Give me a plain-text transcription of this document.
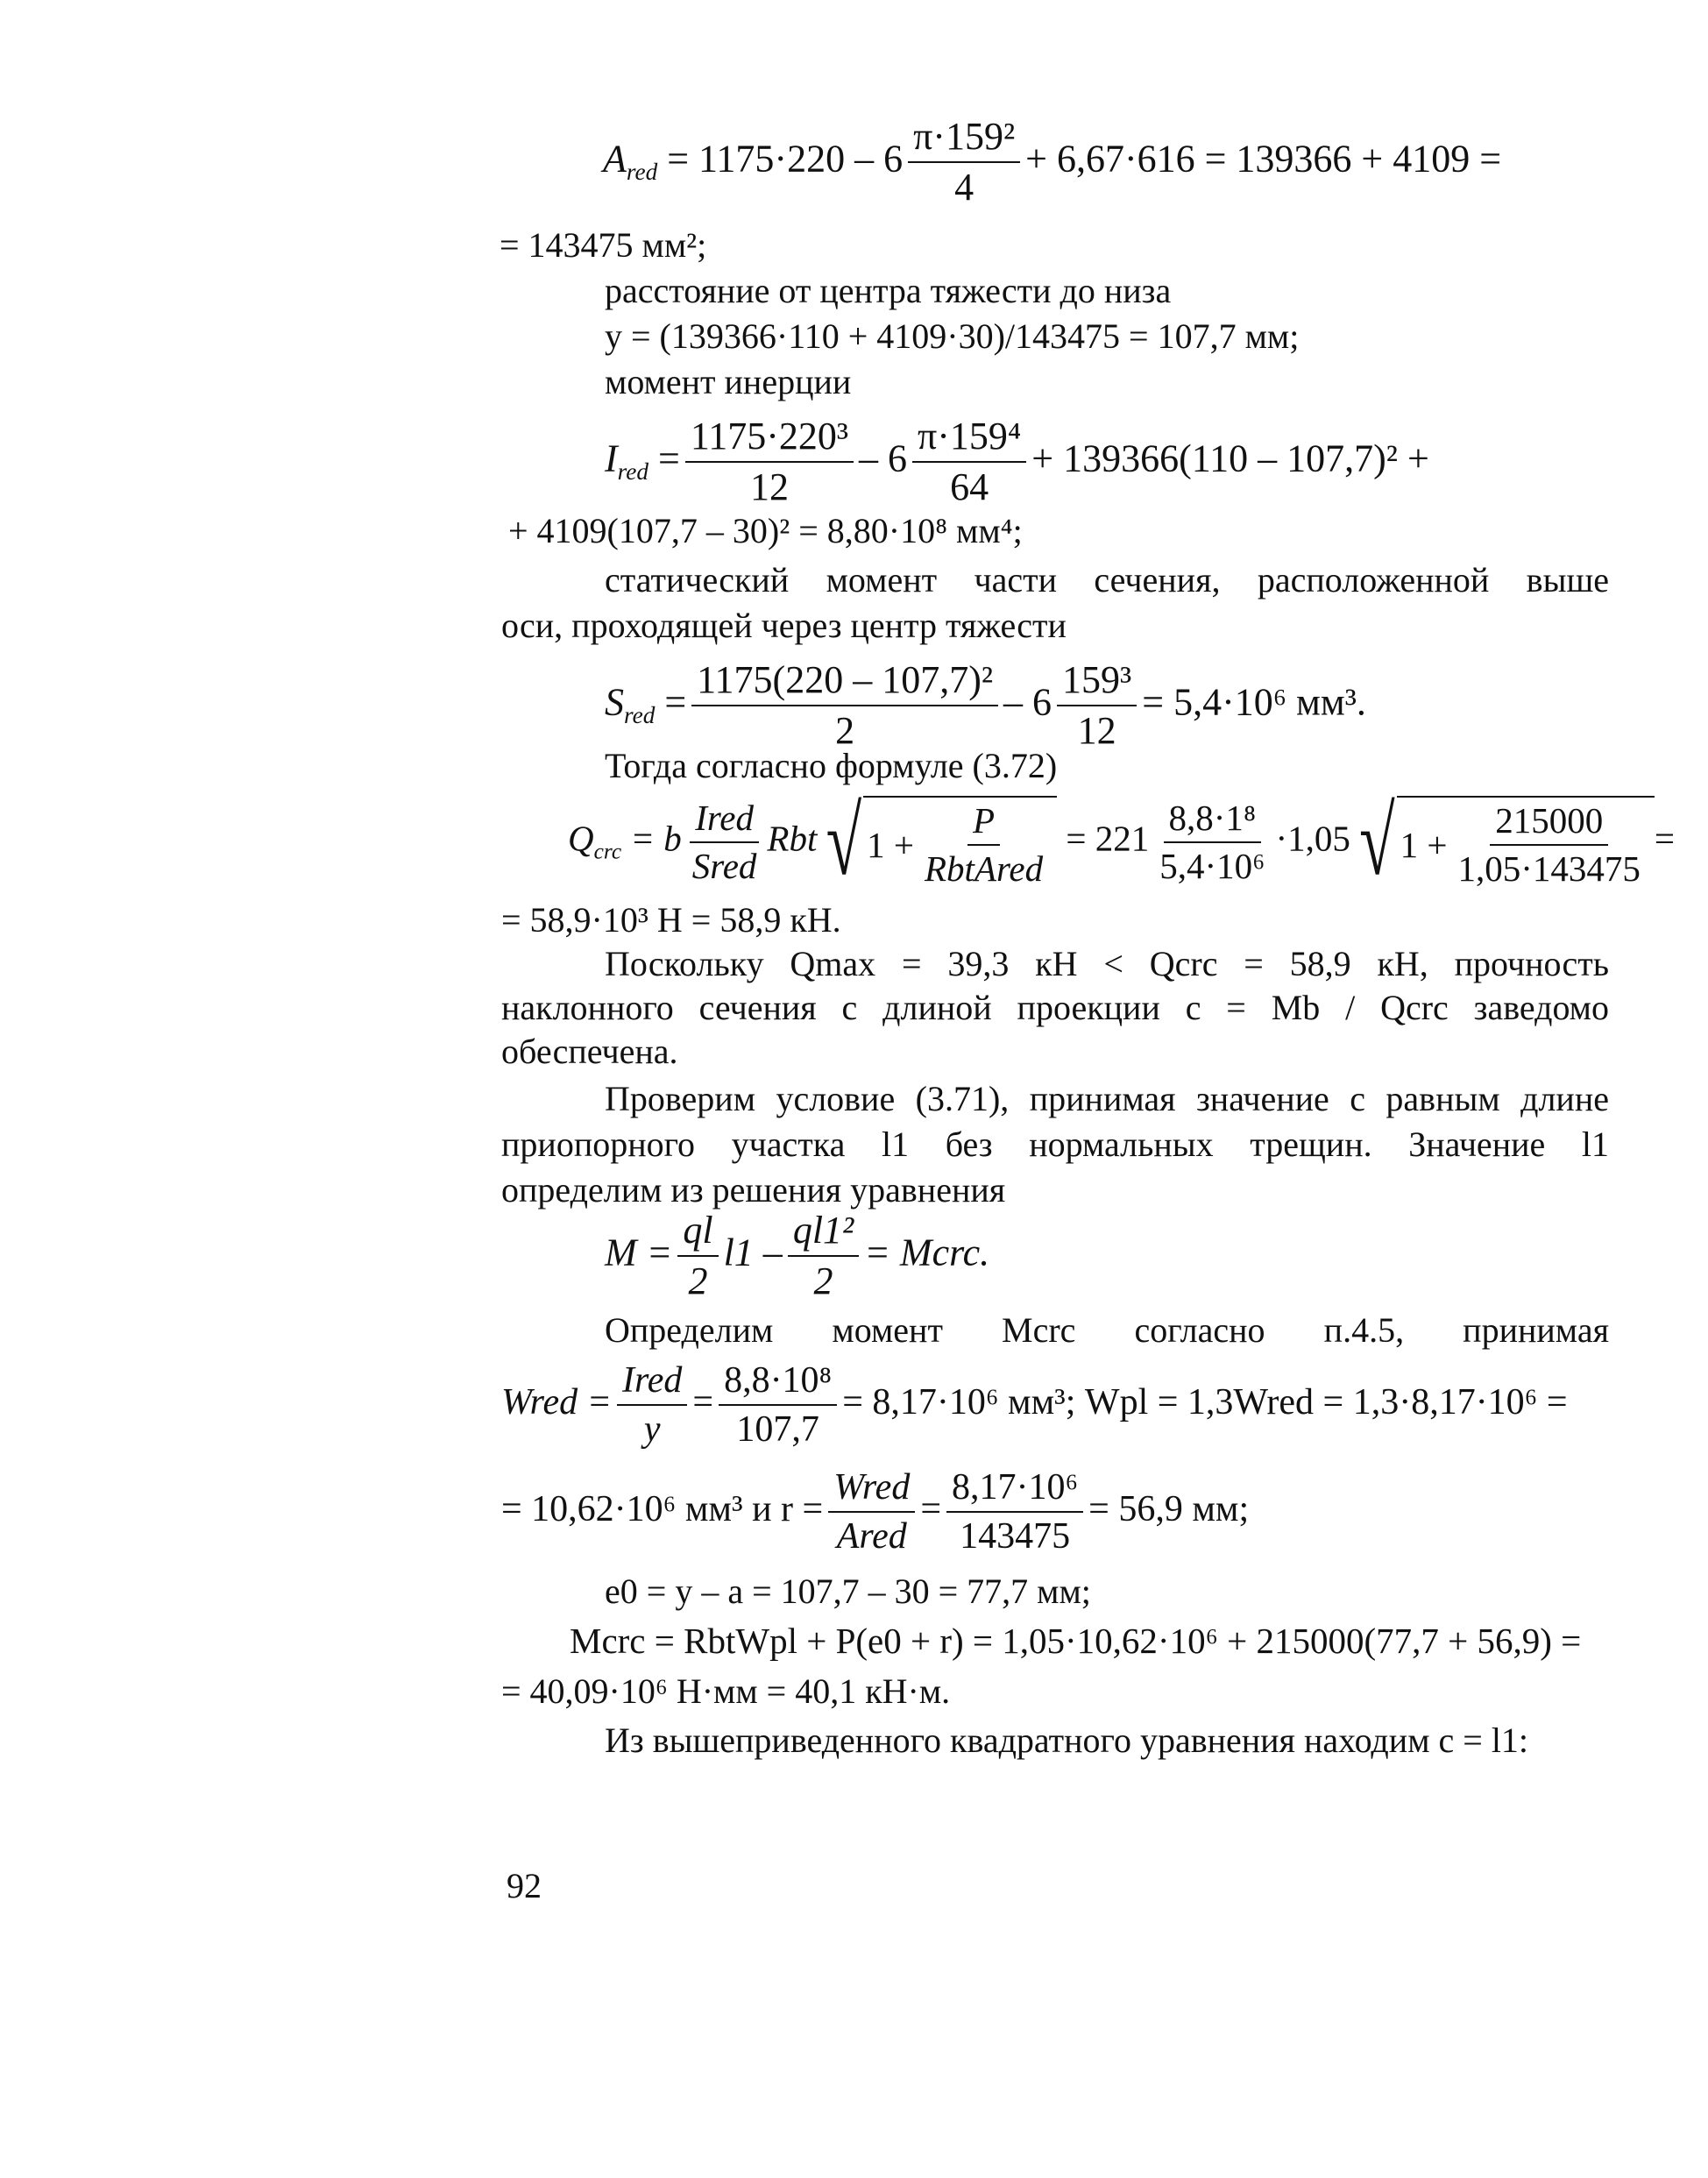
$A_{red} = 1175\cdot 220 - 6 \frac{\text{π·159²}}{4} + 6,67\cdot 616 = 139366 + 4109$ =
= 143475 мм²;
расстояние от центра тяжести до низа
y = (139366·110 + 4109·30)/143475 = 107,7 мм;
момент инерции
$I_{red} = \frac{\text{1175·220³}}{12} - 6 \frac{\text{π·159⁴}}{64} + 139366(110 - 107,7)^2$ +
+ 4109(107,7 – 30)² = 8,80·10⁸ мм⁴;
статический момент части сечения, расположенной выше
оси, проходящей через центр тяжести
$S_{red} = \frac{\text{1175(220 – 107,7)²}}{2} - 6 \frac{\text{159³}}{12} = 5,4\cdot 10^6$ мм³.
Тогда согласно формуле (3.72)
$Q_{crc} = b \frac{\text{Ired}}{\text{Sred}}$ Rbt √ $1 + \frac{P}{\text{RbtAred}} = 221 \frac{\text{8,8·1⁸}}{\text{5,4·10⁶}} \cdot 1,05$ √ $1 + \frac{215000}{1,05\cdot 143475}$ =
= 58,9·10³ Н = 58,9 кН.
Поскольку Qmax = 39,3 кН < Qcrc = 58,9 кН, прочность
наклонного сечения с длиной проекции c = Mb / Qcrc заведомо
обеспечена.
Проверим условие (3.71), принимая значение c равным длине
приопорного участка l1 без нормальных трещин. Значение l1
определим из решения уравнения
$M = \frac{ql}{2} l1 - \frac{\text{ql1²}}{2}$ = Mcrc.
Определим момент Mcrc согласно п.4.5, принимая
Wred = $\frac{\text{Ired}}{y} = \frac{\text{8,8·10⁸}}{107,7} = 8,17\cdot 10^6$ мм³; Wpl = 1,3Wred = 1,3·8,17·10⁶ =
= 10,62·10⁶ мм³ и $r = \frac{\text{Wred}}{\text{Ared}} = \frac{\text{8,17·10⁶}}{143475} = 56,9$ мм;
e0 = y – a = 107,7 – 30 = 77,7 мм;
Mcrc = RbtWpl + P(e0 + r) = 1,05·10,62·10⁶ + 215000(77,7 + 56,9) =
= 40,09·10⁶ Н·мм = 40,1 кН·м.
Из вышеприведенного квадратного уравнения находим c = l1:
92
